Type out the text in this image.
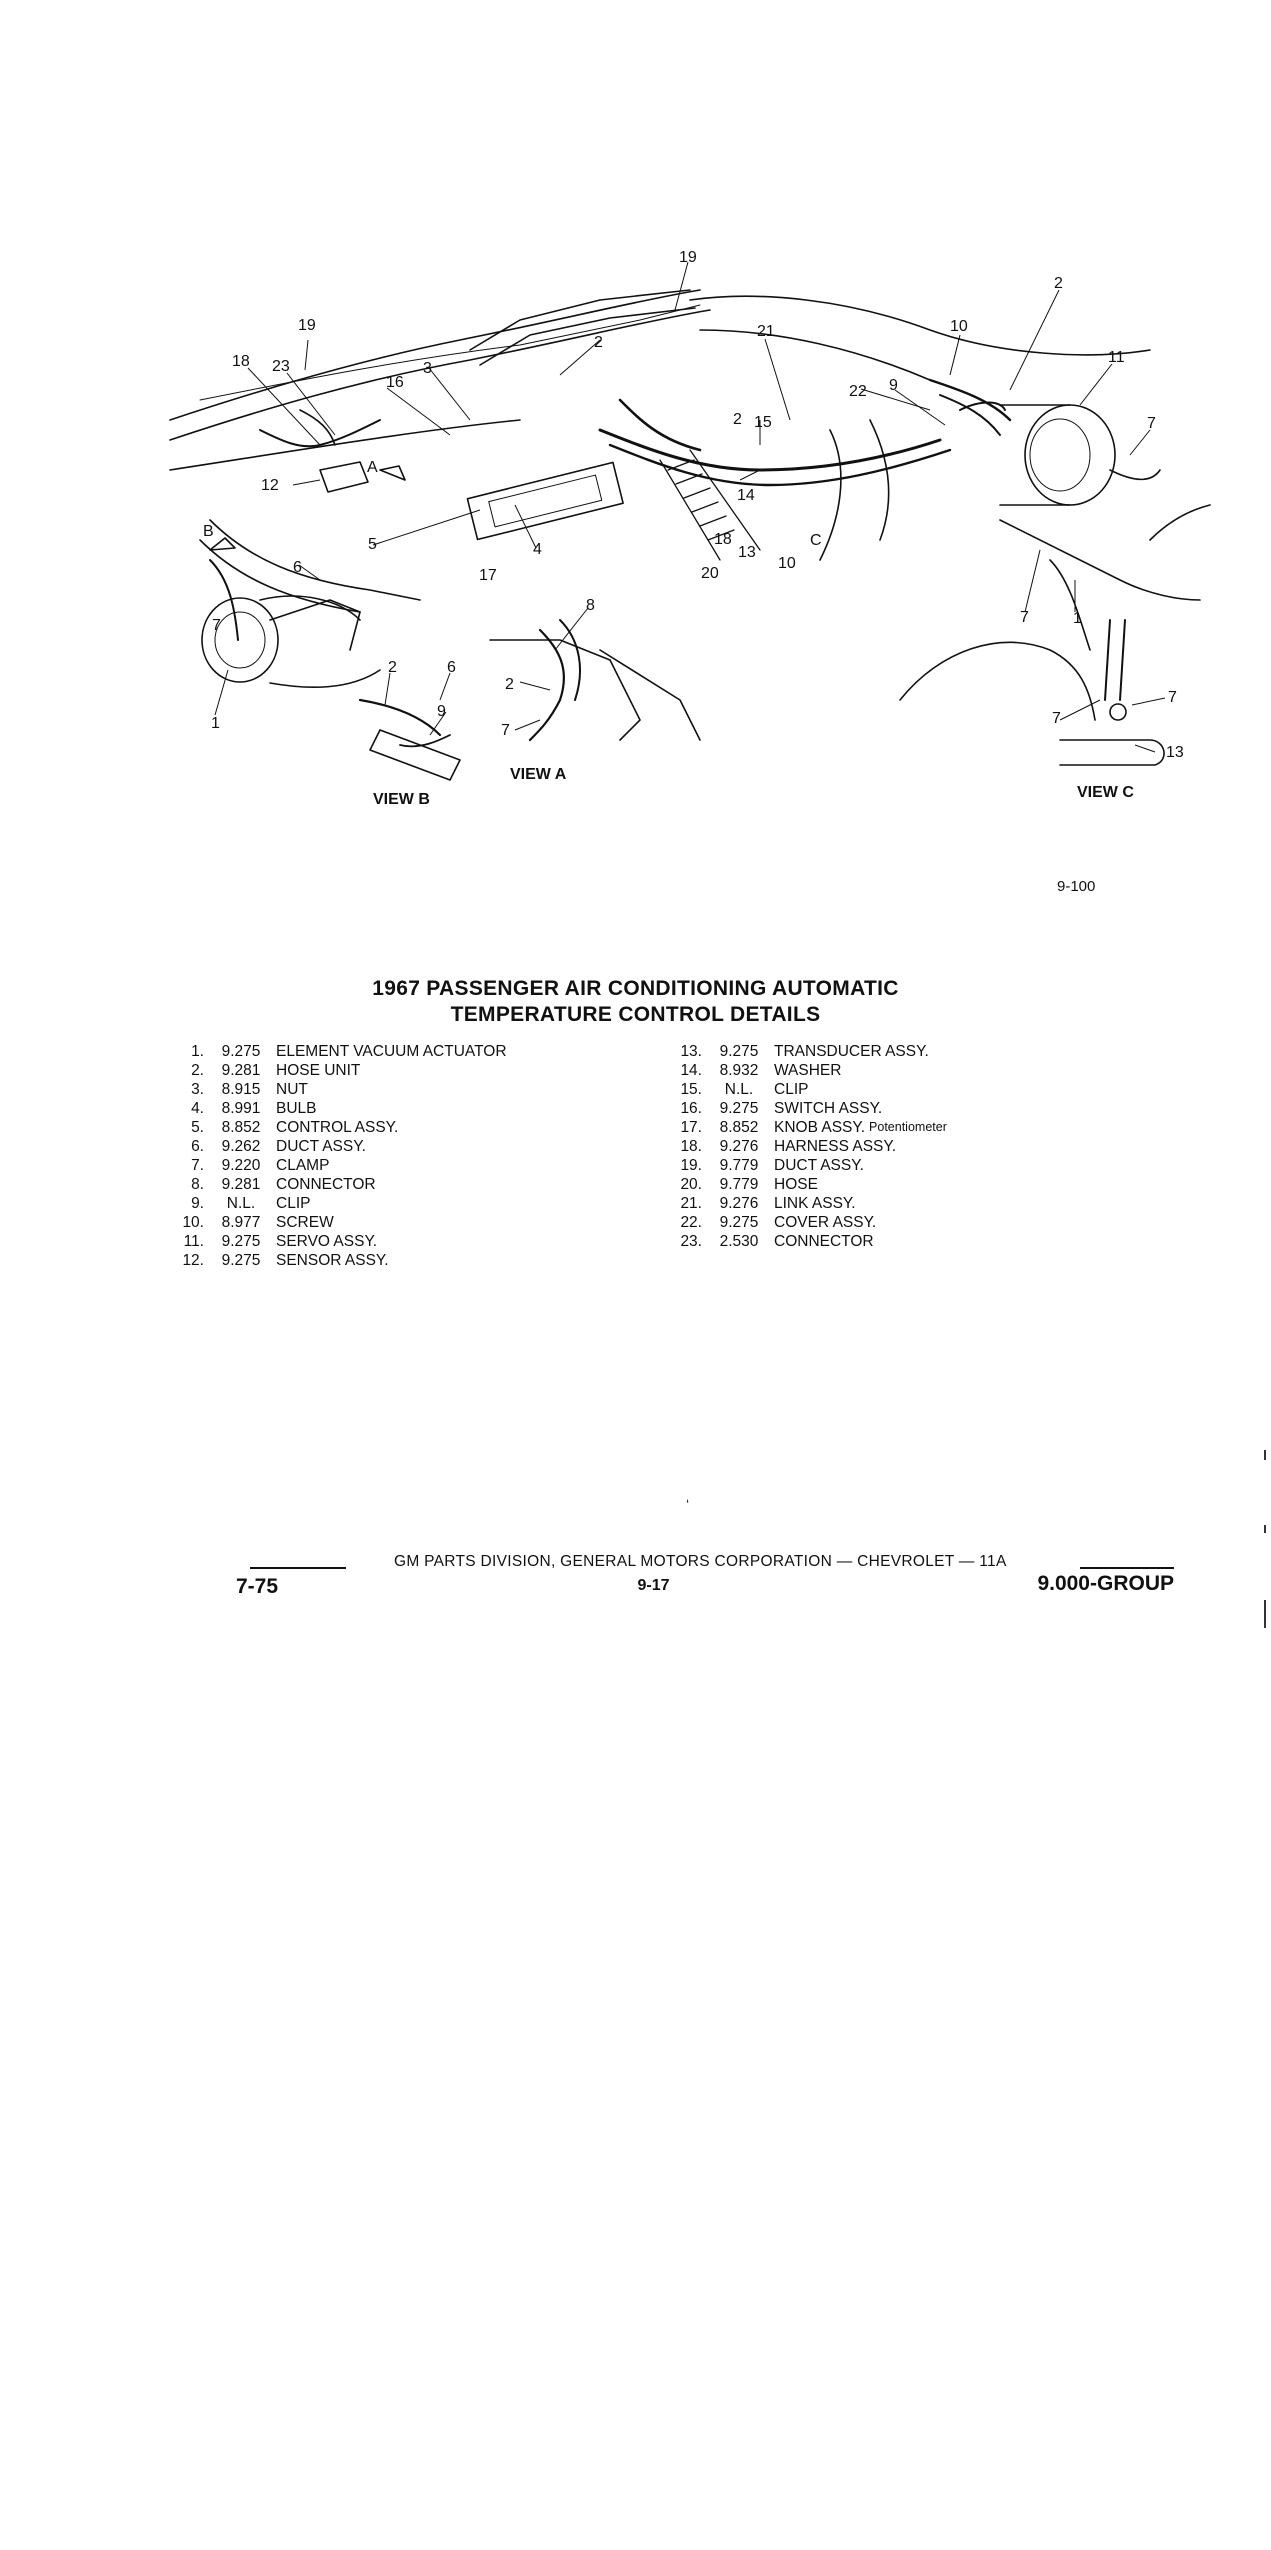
19
2
11
7
10
21
22 9
19
18 23
16
3
2
12
5	4
17
6
A
B
2 15
14
18
13
20
10
C
7
1
7	1
7
7
13
8
2
7
2	6
9
VIEW A
VIEW B	VIEW C
9-100
1967 PASSENGER AIR CONDITIONING AUTOMATIC
TEMPERATURE CONTROL DETAILS
1.	9.275	ELEMENT VACUUM ACTUATOR
2.	9.281	HOSE UNIT
3.	8.915	NUT
4.	8.991	BULB
5.	8.852	CONTROL ASSY.
6.	9.262	DUCT ASSY.
7.	9.220	CLAMP
8.	9.281	CONNECTOR
9.	N.L.	CLIP
10.	8.977	SCREW
11.	9.275	SERVO ASSY.
12.	9.275	SENSOR ASSY.
13.	9.275	TRANSDUCER ASSY.
14.	8.932	WASHER
15.	N.L.	CLIP
16.	9.275	SWITCH ASSY.
17.	8.852	KNOB ASSY. Potentiometer
18.	9.276	HARNESS ASSY.
19.	9.779	DUCT ASSY.
20.	9.779	HOSE
21.	9.276	LINK ASSY.
22.	9.275	COVER ASSY.
23.	2.530	CONNECTOR
‘
GM PARTS DIVISION, GENERAL MOTORS CORPORATION — CHEVROLET — 11A
7-75	9-17	9.000-GROUP
